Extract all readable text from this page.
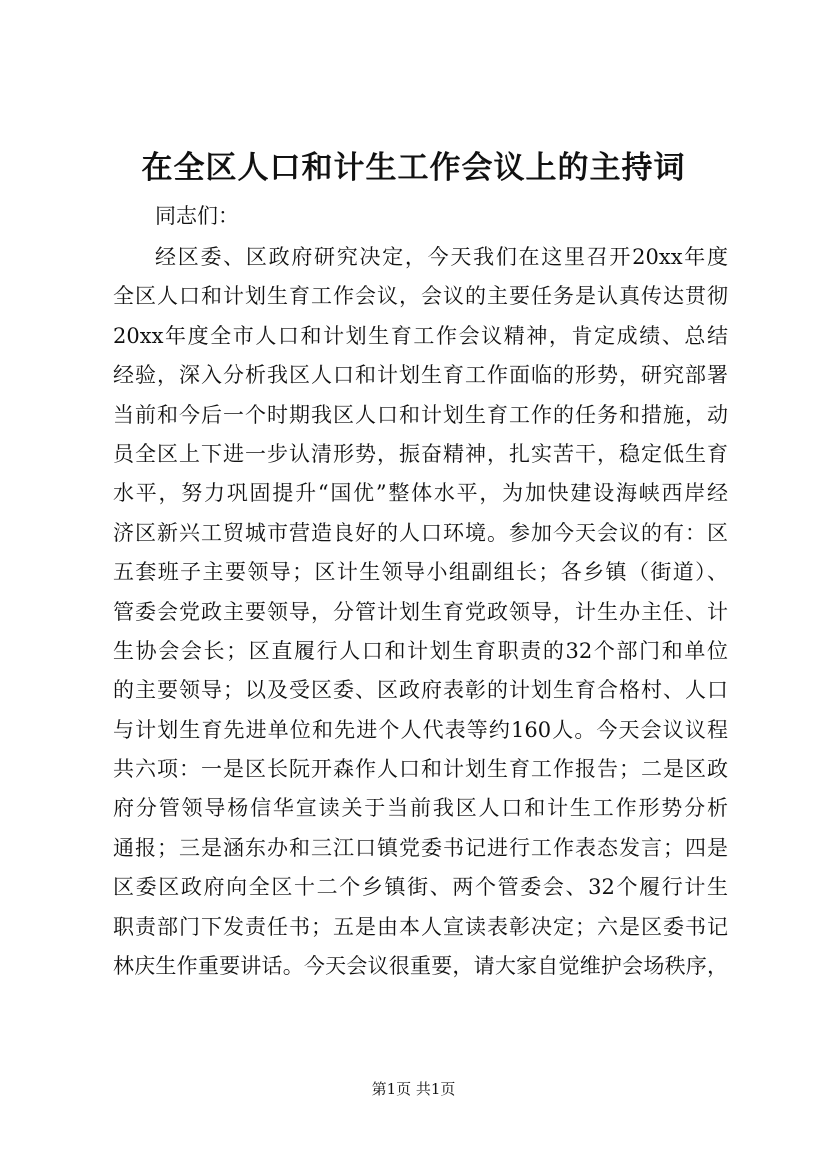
在全区人口和计生工作会议上的主持词

同志们：

经区委、区政府研究决定，今天我们在这里召开20xx年度
全区人口和计划生育工作会议，会议的主要任务是认真传达贯彻
20xx年度全市人口和计划生育工作会议精神，肯定成绩、总结
经验，深入分析我区人口和计划生育工作面临的形势，研究部署
当前和今后一个时期我区人口和计划生育工作的任务和措施，动
员全区上下进一步认清形势，振奋精神，扎实苦干，稳定低生育
水平，努力巩固提升“国优”整体水平，为加快建设海峡西岸经
济区新兴工贸城市营造良好的人口环境。参加今天会议的有：区
五套班子主要领导；区计生领导小组副组长；各乡镇（街道）、
管委会党政主要领导，分管计划生育党政领导，计生办主任、计
生协会会长；区直履行人口和计划生育职责的32个部门和单位
的主要领导；以及受区委、区政府表彰的计划生育合格村、人口
与计划生育先进单位和先进个人代表等约160人。今天会议议程
共六项：一是区长阮开森作人口和计划生育工作报告；二是区政
府分管领导杨信华宣读关于当前我区人口和计生工作形势分析
通报；三是涵东办和三江口镇党委书记进行工作表态发言；四是
区委区政府向全区十二个乡镇街、两个管委会、32个履行计生
职责部门下发责任书；五是由本人宣读表彰决定；六是区委书记
林庆生作重要讲话。今天会议很重要，请大家自觉维护会场秩序，

第1页 共1页
